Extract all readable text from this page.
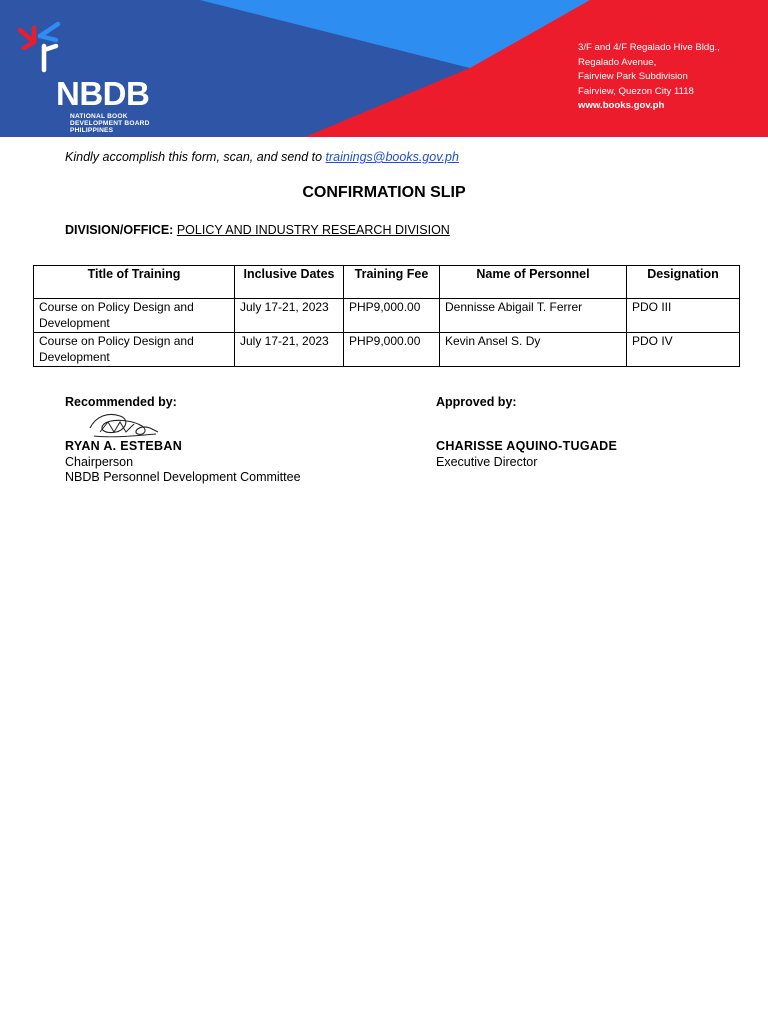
NBDB
NATIONAL BOOK
DEVELOPMENT BOARD
PHILIPPINES
3/F and 4/F Regalado Hive Bldg.,
Regalado Avenue,
Fairview Park Subdivision
Fairview, Quezon City 1118
www.books.gov.ph
Kindly accomplish this form, scan, and send to trainings@books.gov.ph
CONFIRMATION SLIP
DIVISION/OFFICE: POLICY AND INDUSTRY RESEARCH DIVISION
Title of Training	Inclusive Dates	Training Fee	Name of Personnel	Designation
Course on Policy Design and Development	July 17-21, 2023	PHP9,000.00	Dennisse Abigail T. Ferrer	PDO III
Course on Policy Design and Development	July 17-21, 2023	PHP9,000.00	Kevin Ansel S. Dy	PDO IV
Recommended by:	Approved by:
RYAN A. ESTEBAN
Chairperson
NBDB Personnel Development Committee
CHARISSE AQUINO-TUGADE
Executive Director
